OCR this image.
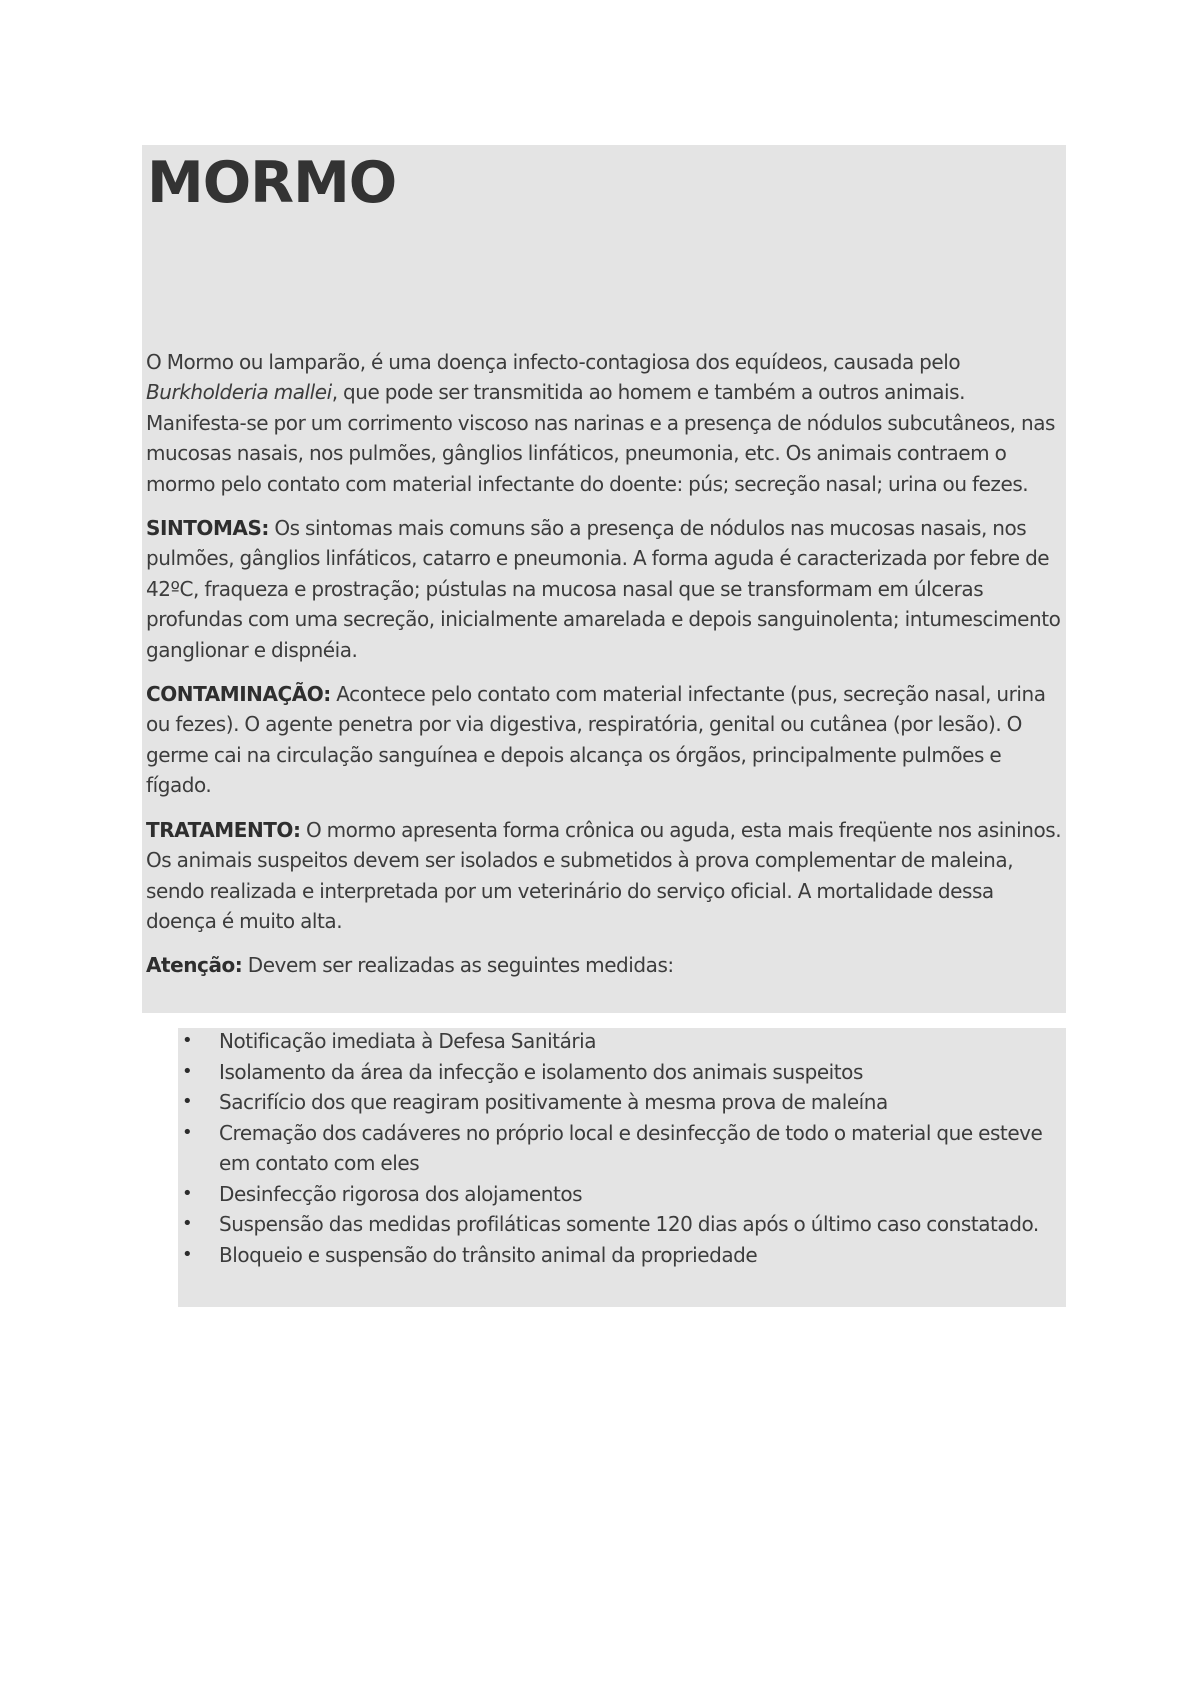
MORMO

O Mormo ou lamparão, é uma doença infecto-contagiosa dos equídeos, causada pelo Burkholderia mallei, que pode ser transmitida ao homem e também a outros animais. Manifesta-se por um corrimento viscoso nas narinas e a presença de nódulos subcutâneos, nas mucosas nasais, nos pulmões, gânglios linfáticos, pneumonia, etc. Os animais contraem o mormo pelo contato com material infectante do doente: pús; secreção nasal; urina ou fezes.

SINTOMAS: Os sintomas mais comuns são a presença de nódulos nas mucosas nasais, nos pulmões, gânglios linfáticos, catarro e pneumonia. A forma aguda é caracterizada por febre de 42ºC, fraqueza e prostração; pústulas na mucosa nasal que se transformam em úlceras profundas com uma secreção, inicialmente amarelada e depois sanguinolenta; intumescimento ganglionar e dispnéia.

CONTAMINAÇÃO: Acontece pelo contato com material infectante (pus, secreção nasal, urina ou fezes). O agente penetra por via digestiva, respiratória, genital ou cutânea (por lesão). O germe cai na circulação sanguínea e depois alcança os órgãos, principalmente pulmões e fígado.

TRATAMENTO: O mormo apresenta forma crônica ou aguda, esta mais freqüente nos asininos. Os animais suspeitos devem ser isolados e submetidos à prova complementar de maleina, sendo realizada e interpretada por um veterinário do serviço oficial. A mortalidade dessa doença é muito alta.

Atenção: Devem ser realizadas as seguintes medidas:

• Notificação imediata à Defesa Sanitária
• Isolamento da área da infecção e isolamento dos animais suspeitos
• Sacrifício dos que reagiram positivamente à mesma prova de maleína
• Cremação dos cadáveres no próprio local e desinfecção de todo o material que esteve em contato com eles
• Desinfecção rigorosa dos alojamentos
• Suspensão das medidas profiláticas somente 120 dias após o último caso constatado.
• Bloqueio e suspensão do trânsito animal da propriedade
